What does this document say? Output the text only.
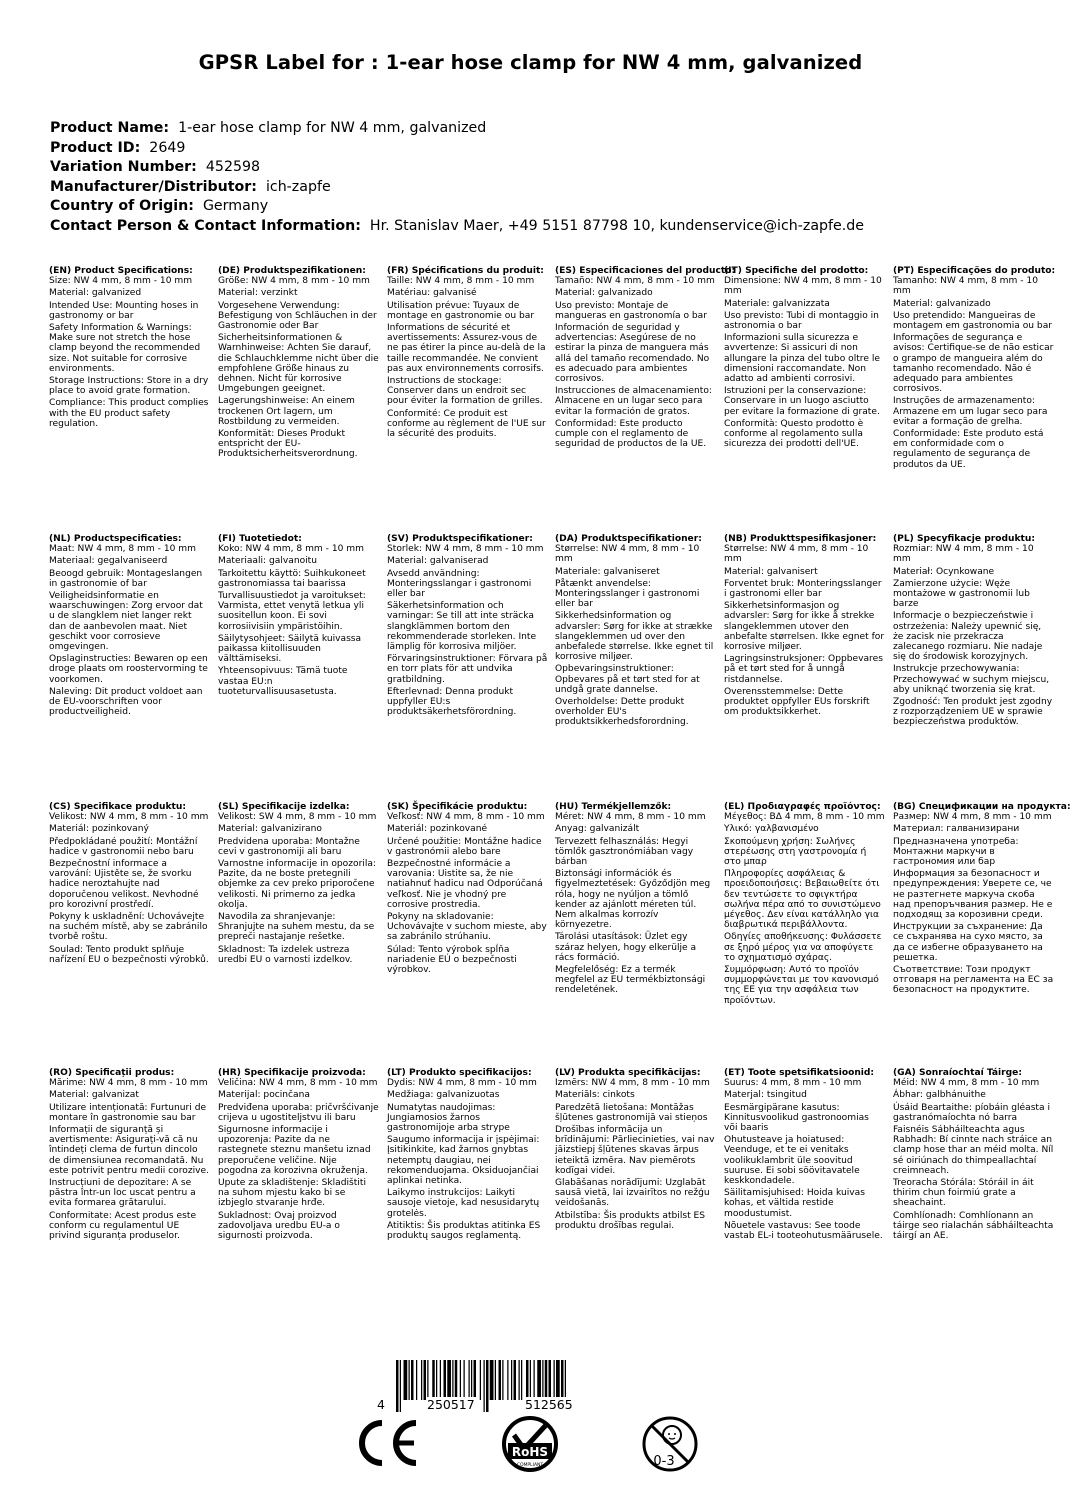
GPSR Label for : 1-ear hose clamp for NW 4 mm, galvanized
Product Name: 1-ear hose clamp for NW 4 mm, galvanized
Product ID: 2649
Variation Number: 452598
Manufacturer/Distributor: ich-zapfe
Country of Origin: Germany
Contact Person & Contact Information: Hr. Stanislav Maer, +49 5151 87798 10, kundenservice@ich-zapfe.de
(EN) Product Specifications:
Size: NW 4 mm, 8 mm - 10 mm
Material: galvanized
Intended Use: Mounting hoses in gastronomy or bar
Safety Information & Warnings: Make sure not stretch the hose clamp beyond the recommended size. Not suitable for corrosive environments.
Storage Instructions: Store in a dry place to avoid grate formation.
Compliance: This product complies with the EU product safety regulation.
(DE) Produktspezifikationen:
Größe: NW 4 mm, 8 mm - 10 mm
Material: verzinkt
Vorgesehene Verwendung: Befestigung von Schläuchen in der Gastronomie oder Bar
Sicherheitsinformationen & Warnhinweise: Achten Sie darauf, die Schlauchklemme nicht über die empfohlene Größe hinaus zu dehnen. Nicht für korrosive Umgebungen geeignet.
Lagerungshinweise: An einem trockenen Ort lagern, um Rostbildung zu vermeiden.
Konformität: Dieses Produkt entspricht der EU-Produktsicherheitsverordnung.
(FR) Spécifications du produit:
Taille: NW 4 mm, 8 mm - 10 mm
Matériau: galvanisé
Utilisation prévue: Tuyaux de montage en gastronomie ou bar
Informations de sécurité et avertissements: Assurez-vous de ne pas étirer la pince au-delà de la taille recommandée. Ne convient pas aux environnements corrosifs.
Instructions de stockage: Conserver dans un endroit sec pour éviter la formation de grilles.
Conformité: Ce produit est conforme au règlement de l'UE sur la sécurité des produits.
(ES) Especificaciones del producto:
Tamaño: NW 4 mm, 8 mm - 10 mm
Material: galvanizado
Uso previsto: Montaje de mangueras en gastronomía o bar
Información de seguridad y advertencias: Asegúrese de no estirar la pinza de manguera más allá del tamaño recomendado. No es adecuado para ambientes corrosivos.
Instrucciones de almacenamiento: Almacene en un lugar seco para evitar la formación de gratos.
Conformidad: Este producto cumple con el reglamento de seguridad de productos de la UE.
(IT) Specifiche del prodotto:
Dimensione: NW 4 mm, 8 mm - 10 mm
Materiale: galvanizzata
Uso previsto: Tubi di montaggio in astronomia o bar
Informazioni sulla sicurezza e avvertenze: Si assicuri di non allungare la pinza del tubo oltre le dimensioni raccomandate. Non adatto ad ambienti corrosivi.
Istruzioni per la conservazione: Conservare in un luogo asciutto per evitare la formazione di grate.
Conformità: Questo prodotto è conforme al regolamento sulla sicurezza dei prodotti dell'UE.
(PT) Especificações do produto:
Tamanho: NW 4 mm, 8 mm - 10 mm
Material: galvanizado
Uso pretendido: Mangueiras de montagem em gastronomia ou bar
Informações de segurança e avisos: Certifique-se de não esticar o grampo de mangueira além do tamanho recomendado. Não é adequado para ambientes corrosivos.
Instruções de armazenamento: Armazene em um lugar seco para evitar a formação de grelha.
Conformidade: Este produto está em conformidade com o regulamento de segurança de produtos da UE.
(NL) Productspecificaties:
Maat: NW 4 mm, 8 mm - 10 mm
Materiaal: gegalvaniseerd
Beoogd gebruik: Montageslangen in gastronomie of bar
Veiligheidsinformatie en waarschuwingen: Zorg ervoor dat u de slangklem niet langer rekt dan de aanbevolen maat. Niet geschikt voor corrosieve omgevingen.
Opslaginstructies: Bewaren op een droge plaats om roostervorming te voorkomen.
Naleving: Dit product voldoet aan de EU-voorschriften voor productveiligheid.
(FI) Tuotetiedot:
Koko: NW 4 mm, 8 mm - 10 mm
Materiaali: galvanoitu
Tarkoitettu käyttö: Suihkukoneet gastronomiassa tai baarissa
Turvallisuustiedot ja varoitukset: Varmista, ettet venytä letkua yli suositellun koon. Ei sovi korrosiivisiin ympäristöihin.
Säilytysohjeet: Säilytä kuivassa paikassa kiitollisuuden välttämiseksi.
Yhteensopivuus: Tämä tuote vastaa EU:n tuoteturvallisuusasetusta.
(SV) Produktspecifikationer:
Storlek: NW 4 mm, 8 mm - 10 mm
Material: galvaniserad
Avsedd användning: Monteringsslangar i gastronomi eller bar
Säkerhetsinformation och varningar: Se till att inte sträcka slangklämmen bortom den rekommenderade storleken. Inte lämplig för korrosiva miljöer.
Förvaringsinstruktioner: Förvara på en torr plats för att undvika gratbildning.
Efterlevnad: Denna produkt uppfyller EU:s produktsäkerhetsförordning.
(DA) Produktspecifikationer:
Størrelse: NW 4 mm, 8 mm - 10 mm
Materiale: galvaniseret
Påtænkt anvendelse: Monteringsslanger i gastronomi eller bar
Sikkerhedsinformation og advarsler: Sørg for ikke at strække slangeklemmen ud over den anbefalede størrelse. Ikke egnet til korrosive miljøer.
Opbevaringsinstruktioner: Opbevares på et tørt sted for at undgå grate dannelse.
Overholdelse: Dette produkt overholder EU's produktsikkerhedsforordning.
(NB) Produkttspesifikasjoner:
Størrelse: NW 4 mm, 8 mm - 10 mm
Material: galvanisert
Forventet bruk: Monteringsslanger i gastronomi eller bar
Sikkerhetsinformasjon og advarsler: Sørg for ikke å strekke slangeklemmen utover den anbefalte størrelsen. Ikke egnet for korrosive miljøer.
Lagringsinstruksjoner: Oppbevares på et tørt sted for å unngå ristdannelse.
Overensstemmelse: Dette produktet oppfyller EUs forskrift om produktsikkerhet.
(PL) Specyfikacje produktu:
Rozmiar: NW 4 mm, 8 mm - 10 mm
Materiał: Ocynkowane
Zamierzone użycie: Węże montażowe w gastronomii lub barze
Informacje o bezpieczeństwie i ostrzeżenia: Należy upewnić się, że zacisk nie przekracza zalecanego rozmiaru. Nie nadaje się do środowisk korozyjnych.
Instrukcje przechowywania: Przechowywać w suchym miejscu, aby uniknąć tworzenia się krat.
Zgodność: Ten produkt jest zgodny z rozporządzeniem UE w sprawie bezpieczeństwa produktów.
(CS) Specifikace produktu:
Velikost: NW 4 mm, 8 mm - 10 mm
Materiál: pozinkovaný
Předpokládané použití: Montážní hadice v gastronomii nebo baru
Bezpečnostní informace a varování: Ujistěte se, že svorku hadice neroztahujte nad doporučenou velikost. Nevhodné pro korozivní prostředí.
Pokyny k uskladnění: Uchovávejte na suchém místě, aby se zabránilo tvorbě roštu.
Soulad: Tento produkt splňuje nařízení EU o bezpečnosti výrobků.
(SL) Specifikacije izdelka:
Velikost: SW 4 mm, 8 mm - 10 mm
Material: galvanizirano
Predvidena uporaba: Montažne cevi v gastronomiji ali baru
Varnostne informacije in opozorila: Pazite, da ne boste pretegnili objemke za cev preko priporočene velikosti. Ni primerno za jedka okolja.
Navodila za shranjevanje: Shranjujte na suhem mestu, da se prepreči nastajanje rešetke.
Skladnost: Ta izdelek ustreza uredbi EU o varnosti izdelkov.
(SK) Špecifikácie produktu:
Veľkosť: NW 4 mm, 8 mm - 10 mm
Materiál: pozinkované
Určené použitie: Montážne hadice v gastronómii alebo bare
Bezpečnostné informácie a varovania: Uistite sa, že nie natiahnuť hadicu nad Odporúčaná veľkosť. Nie je vhodný pre corrosive prostredia.
Pokyny na skladovanie: Uchovávajte v suchom mieste, aby sa zabránilo strúhaniu.
Súlad: Tento výrobok spĺňa nariadenie EÚ o bezpečnosti výrobkov.
(HU) Termékjellemzők:
Méret: NW 4 mm, 8 mm - 10 mm
Anyag: galvanizált
Tervezett felhasználás: Hegyi tömlők gasztronómiában vagy bárban
Biztonsági információk és figyelmeztetések: Győződjön meg róla, hogy ne nyúljon a tömlő kender az ajánlott méreten túl. Nem alkalmas korrozív környezetre.
Tárolási utasítások: Üzlet egy száraz helyen, hogy elkerülje a rács formáció.
Megfelelőség: Ez a termék megfelel az EU termékbiztonsági rendeletének.
(EL) Προδιαγραφές προϊόντος:
Μέγεθος: ΒΔ 4 mm, 8 mm - 10 mm
Υλικό: γαλβανισμένο
Σκοπούμενη χρήση: Σωλήνες στερέωσης στη γαστρονομία ή στο μπαρ
Πληροφορίες ασφάλειας & προειδοποιήσεις: Βεβαιωθείτε ότι δεν τεντώσετε το σφιγκτήρα σωλήνα πέρα από το συνιστώμενο μέγεθος. Δεν είναι κατάλληλο για διαβρωτικά περιβάλλοντα.
Οδηγίες αποθήκευσης: Φυλάσσετε σε ξηρό μέρος για να αποφύγετε το σχηματισμό σχάρας.
Συμμόρφωση: Αυτό το προϊόν συμμορφώνεται με τον κανονισμό της ΕΕ για την ασφάλεια των προϊόντων.
(BG) Спецификации на продукта:
Размер: NW 4 mm, 8 mm - 10 mm
Материал: галванизирани
Предназначена употреба: Монтажни маркучи в гастрономия или бар
Информация за безопасност и предупреждения: Уверете се, че не разтегнете маркуча скоба над препоръчвания размер. Не е подходящ за корозивни среди.
Инструкции за съхранение: Да се съхранява на сухо място, за да се избегне образуването на решетка.
Съответствие: Този продукт отговаря на регламента на ЕС за безопасност на продуктите.
(RO) Specificații produs:
Mărime: NW 4 mm, 8 mm - 10 mm
Material: galvanizat
Utilizare intenționată: Furtunuri de montare în gastronomie sau bar
Informații de siguranță și avertismente: Asigurați-vă că nu întindeți clema de furtun dincolo de dimensiunea recomandată. Nu este potrivit pentru medii corozive.
Instrucțiuni de depozitare: A se păstra într-un loc uscat pentru a evita formarea grătarului.
Conformitate: Acest produs este conform cu regulamentul UE privind siguranța produselor.
(HR) Specifikacije proizvoda:
Veličina: NW 4 mm, 8 mm - 10 mm
Materijal: pocinčana
Predviđena uporaba: pričvršćivanje crijeva u ugostiteljstvu ili baru
Sigurnosne informacije i upozorenja: Pazite da ne rastegnete steznu manšetu iznad preporučene veličine. Nije pogodna za korozivna okruženja.
Upute za skladištenje: Skladištiti na suhom mjestu kako bi se izbjeglo stvaranje hrđe.
Sukladnost: Ovaj proizvod zadovoljava uredbu EU-a o sigurnosti proizvoda.
(LT) Produkto specifikacijos:
Dydis: NW 4 mm, 8 mm - 10 mm
Medžiaga: galvanizuotas
Numatytas naudojimas: Jungiamosios žarnos gastronomijoje arba strype
Saugumo informacija ir įspėjimai: Įsitikinkite, kad žarnos gnybtas netemptų daugiau, nei rekomenduojama. Oksiduojančiai aplinkai netinka.
Laikymo instrukcijos: Laikyti sausoje vietoje, kad nesusidarytų grotelės.
Atitiktis: Šis produktas atitinka ES produktų saugos reglamentą.
(LV) Produkta specifikācijas:
Izmērs: NW 4 mm, 8 mm - 10 mm
Materiāls: cinkots
Paredzētā lietošana: Montāžas šļūtenes gastronomijā vai stieņos
Drošības informācija un brīdinājumi: Pārliecinieties, vai nav jāizstiepj šļūtenes skavas ārpus ieteiktā izmēra. Nav piemērots kodīgai videi.
Glabāšanas norādījumi: Uzglabāt sausā vietā, lai izvairītos no režģu veidošanās.
Atbilstība: Šis produkts atbilst ES produktu drošības regulai.
(ET) Toote spetsifikatsioonid:
Suurus: 4 mm, 8 mm - 10 mm
Materjal: tsingitud
Eesmärgipärane kasutus: Kinnitusvoolikud gastronoomias või baaris
Ohutusteave ja hoiatused: Veenduge, et te ei venitaks voolikuklambrit üle soovitud suuruse. Ei sobi söövitavatele keskkondadele.
Säilitamisjuhised: Hoida kuivas kohas, et vältida restide moodustumist.
Nõuetele vastavus: See toode vastab EL-i tooteohutusmäärusele.
(GA) Sonraíochtaí Táirge:
Méid: NW 4 mm, 8 mm - 10 mm
Ábhar: galbhánuithe
Úsáid Beartaithe: píobáin gléasta i gastranómaíochta nó barra
Faisnéis Sábháilteachta agus Rabhadh: Bí cinnte nach stráice an clamp hose thar an méid molta. Níl sé oiriúnach do thimpeallachtaí creimneach.
Treoracha Stórála: Stóráil in áit thirim chun foirmiú grate a sheachaint.
Comhlíonadh: Comhlíonann an táirge seo rialachán sábháilteachta táirgí an AE.
4	250517	512565
RoHS
COMPLIANT	0-3
